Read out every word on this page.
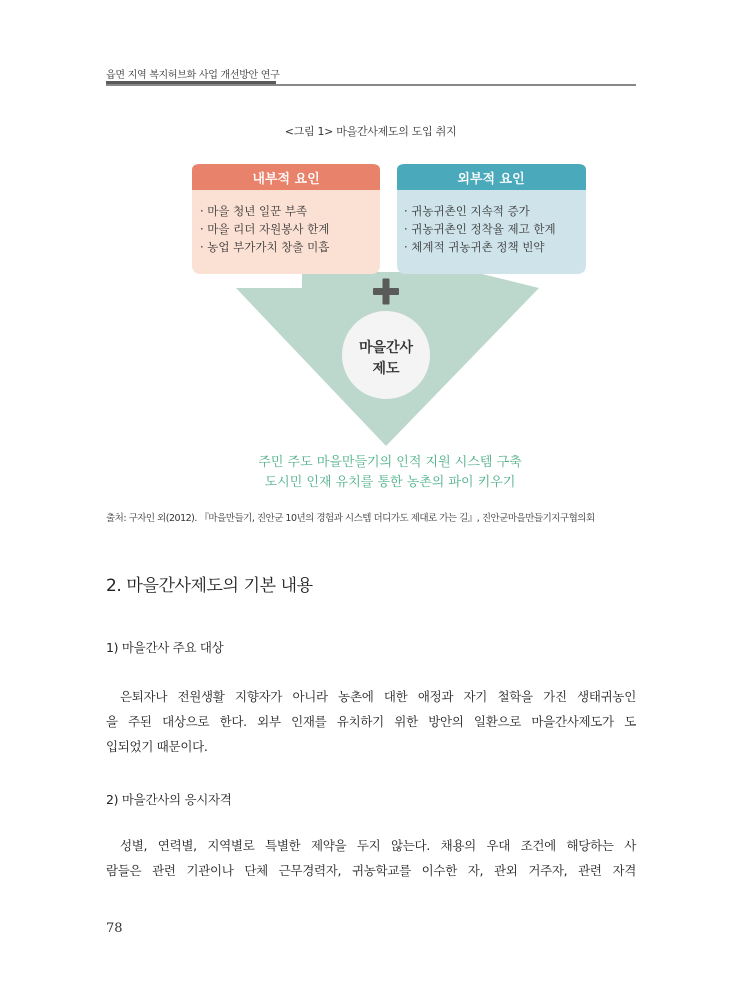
읍면 지역 복지허브화 사업 개선방안 연구
<그림 1> 마을간사제도의 도입 취지
내부적 요인
· 마을 청년 일꾼 부족
· 마을 리더 자원봉사 한계
· 농업 부가가치 창출 미흡
외부적 요인
· 귀농귀촌인 지속적 증가
· 귀농귀촌인 정착율 제고 한계
· 체계적 귀농귀촌 정책 빈약
마을간사
제도
주민 주도 마을만들기의 인적 지원 시스템 구축
도시민 인재 유치를 통한 농촌의 파이 키우기
출처: 구자인 외(2012). 『마을만들기, 진안군 10년의 경험과 시스템 더디가도 제대로 가는 길』, 진안군마을만들기지구협의회
2. 마을간사제도의 기본 내용
1) 마을간사 주요 대상
은퇴자나 전원생활 지향자가 아니라 농촌에 대한 애정과 자기 철학을 가진 생태귀농인
을 주된 대상으로 한다. 외부 인재를 유치하기 위한 방안의 일환으로 마을간사제도가 도
입되었기 때문이다.
2) 마을간사의 응시자격
성별, 연력별, 지역별로 특별한 제약을 두지 않는다. 채용의 우대 조건에 해당하는 사
람들은 관련 기관이나 단체 근무경력자, 귀농학교를 이수한 자, 관외 거주자, 관련 자격
78
